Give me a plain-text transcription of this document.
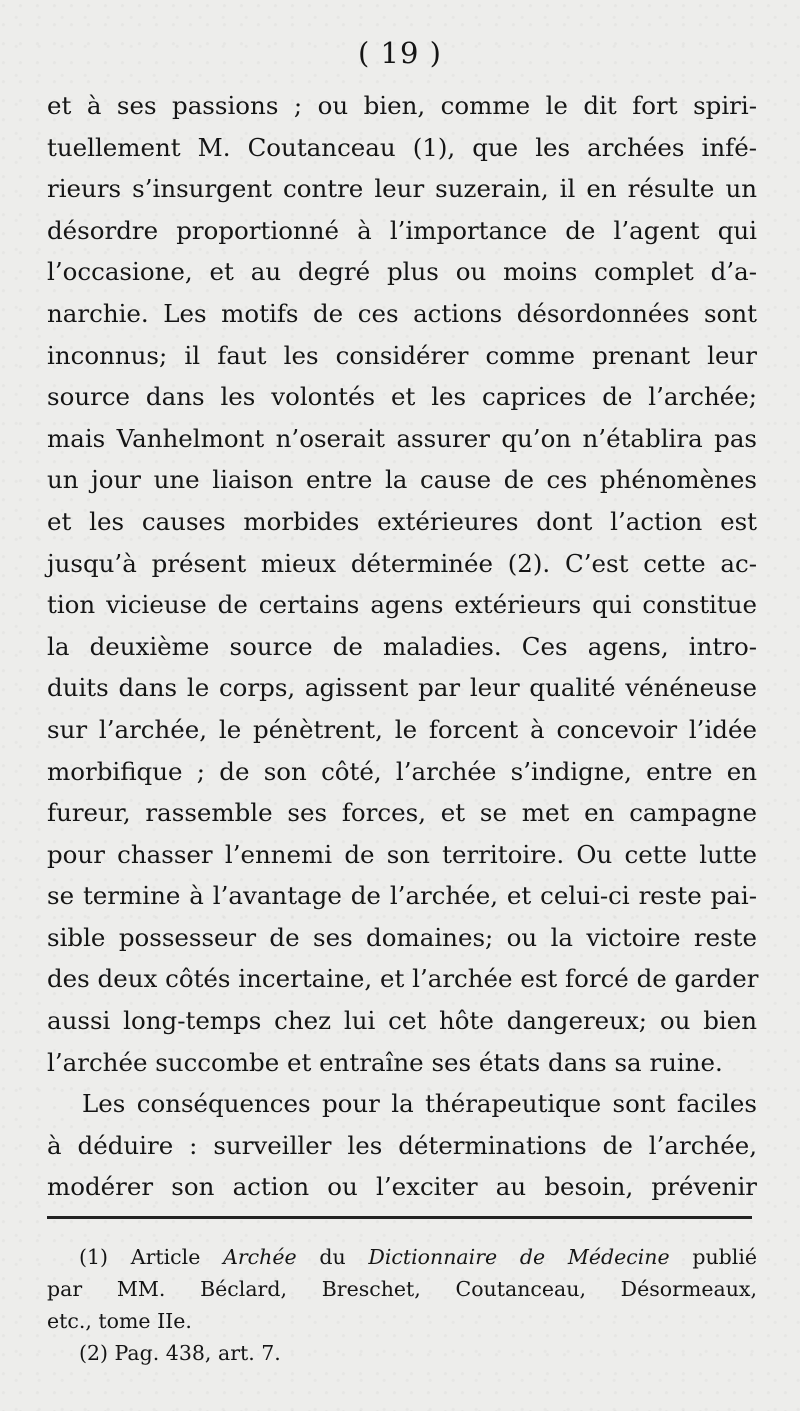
( 19 )
et à ses passions ; ou bien, comme le dit fort spiri-
tuellement M. Coutanceau (1), que les archées infé-
rieurs s’insurgent contre leur suzerain, il en résulte un
désordre proportionné à l’importance de l’agent qui
l’occasione, et au degré plus ou moins complet d’a-
narchie. Les motifs de ces actions désordonnées sont
inconnus; il faut les considérer comme prenant leur
source dans les volontés et les caprices de l’archée;
mais Vanhelmont n’oserait assurer qu’on n’établira pas
un jour une liaison entre la cause de ces phénomènes
et les causes morbides extérieures dont l’action est
jusqu’à présent mieux déterminée (2). C’est cette ac-
tion vicieuse de certains agens extérieurs qui constitue
la deuxième source de maladies. Ces agens, intro-
duits dans le corps, agissent par leur qualité vénéneuse
sur l’archée, le pénètrent, le forcent à concevoir l’idée
morbifique ; de son côté, l’archée s’indigne, entre en
fureur, rassemble ses forces, et se met en campagne
pour chasser l’ennemi de son territoire. Ou cette lutte
se termine à l’avantage de l’archée, et celui-ci reste pai-
sible possesseur de ses domaines; ou la victoire reste
des deux côtés incertaine, et l’archée est forcé de garder
aussi long-temps chez lui cet hôte dangereux; ou bien
l’archée succombe et entraîne ses états dans sa ruine.
Les conséquences pour la thérapeutique sont faciles
à déduire : surveiller les déterminations de l’archée,
modérer son action ou l’exciter au besoin, prévenir
(1) Article Archée du Dictionnaire de Médecine publié
par MM. Béclard, Breschet, Coutanceau, Désormeaux,
etc., tome IIe.
(2) Pag. 438, art. 7.
